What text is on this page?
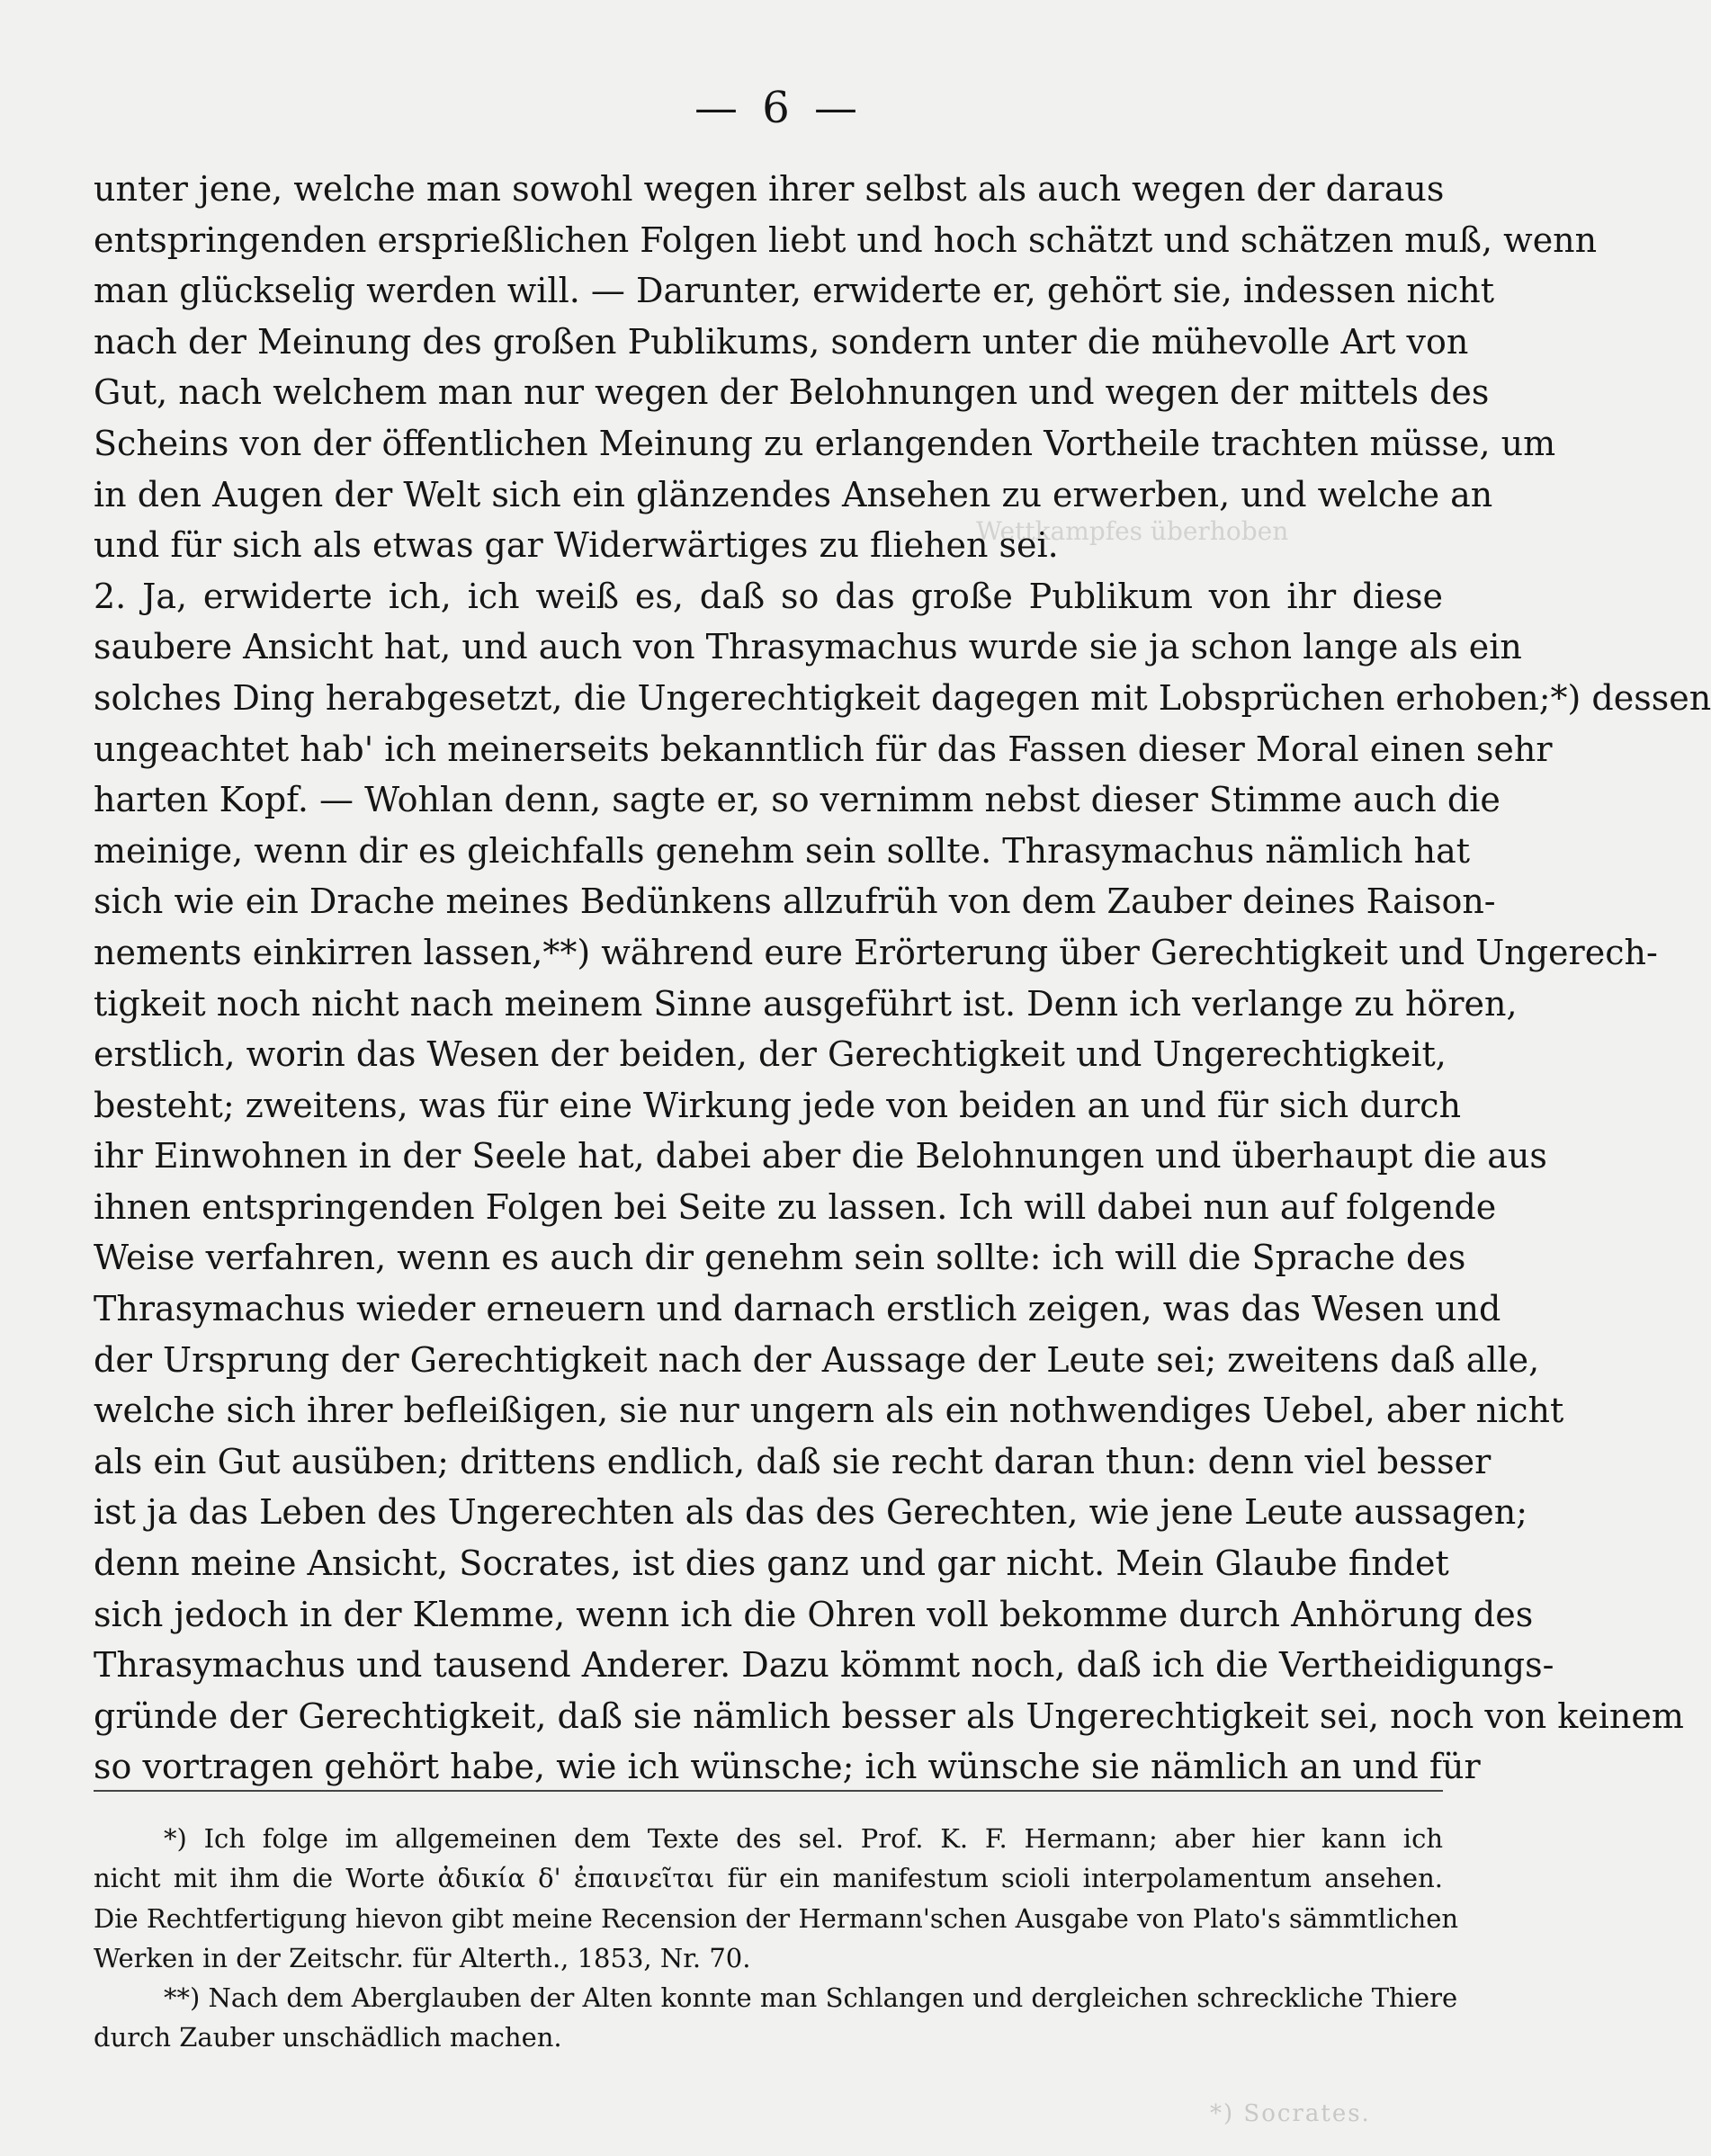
— 6 —
Wettkampfes überhoben
unter jene, welche man sowohl wegen ihrer selbst als auch wegen der daraus
entspringenden ersprießlichen Folgen liebt und hoch schätzt und schätzen muß, wenn
man glückselig werden will. — Darunter, erwiderte er, gehört sie, indessen nicht
nach der Meinung des großen Publikums, sondern unter die mühevolle Art von
Gut, nach welchem man nur wegen der Belohnungen und wegen der mittels des
Scheins von der öffentlichen Meinung zu erlangenden Vortheile trachten müsse, um
in den Augen der Welt sich ein glänzendes Ansehen zu erwerben, und welche an
und für sich als etwas gar Widerwärtiges zu fliehen sei.
2. Ja, erwiderte ich, ich weiß es, daß so das große Publikum von ihr diese
saubere Ansicht hat, und auch von Thrasymachus wurde sie ja schon lange als ein
solches Ding herabgesetzt, die Ungerechtigkeit dagegen mit Lobsprüchen erhoben;*) dessen
ungeachtet hab' ich meinerseits bekanntlich für das Fassen dieser Moral einen sehr
harten Kopf. — Wohlan denn, sagte er, so vernimm nebst dieser Stimme auch die
meinige, wenn dir es gleichfalls genehm sein sollte. Thrasymachus nämlich hat
sich wie ein Drache meines Bedünkens allzufrüh von dem Zauber deines Raison-
nements einkirren lassen,**) während eure Erörterung über Gerechtigkeit und Ungerech-
tigkeit noch nicht nach meinem Sinne ausgeführt ist. Denn ich verlange zu hören,
erstlich, worin das Wesen der beiden, der Gerechtigkeit und Ungerechtigkeit,
besteht; zweitens, was für eine Wirkung jede von beiden an und für sich durch
ihr Einwohnen in der Seele hat, dabei aber die Belohnungen und überhaupt die aus
ihnen entspringenden Folgen bei Seite zu lassen. Ich will dabei nun auf folgende
Weise verfahren, wenn es auch dir genehm sein sollte: ich will die Sprache des
Thrasymachus wieder erneuern und darnach erstlich zeigen, was das Wesen und
der Ursprung der Gerechtigkeit nach der Aussage der Leute sei; zweitens daß alle,
welche sich ihrer befleißigen, sie nur ungern als ein nothwendiges Uebel, aber nicht
als ein Gut ausüben; drittens endlich, daß sie recht daran thun: denn viel besser
ist ja das Leben des Ungerechten als das des Gerechten, wie jene Leute aussagen;
denn meine Ansicht, Socrates, ist dies ganz und gar nicht. Mein Glaube findet
sich jedoch in der Klemme, wenn ich die Ohren voll bekomme durch Anhörung des
Thrasymachus und tausend Anderer. Dazu kömmt noch, daß ich die Vertheidigungs-
gründe der Gerechtigkeit, daß sie nämlich besser als Ungerechtigkeit sei, noch von keinem
so vortragen gehört habe, wie ich wünsche; ich wünsche sie nämlich an und für
*) Ich folge im allgemeinen dem Texte des sel. Prof. K. F. Hermann; aber hier kann ich
nicht mit ihm die Worte ἀδικία δ' ἐπαινεῖται für ein manifestum scioli interpolamentum ansehen.
Die Rechtfertigung hievon gibt meine Recension der Hermann'schen Ausgabe von Plato's sämmtlichen
Werken in der Zeitschr. für Alterth., 1853, Nr. 70.
**) Nach dem Aberglauben der Alten konnte man Schlangen und dergleichen schreckliche Thiere
durch Zauber unschädlich machen.
*) Socrates.
